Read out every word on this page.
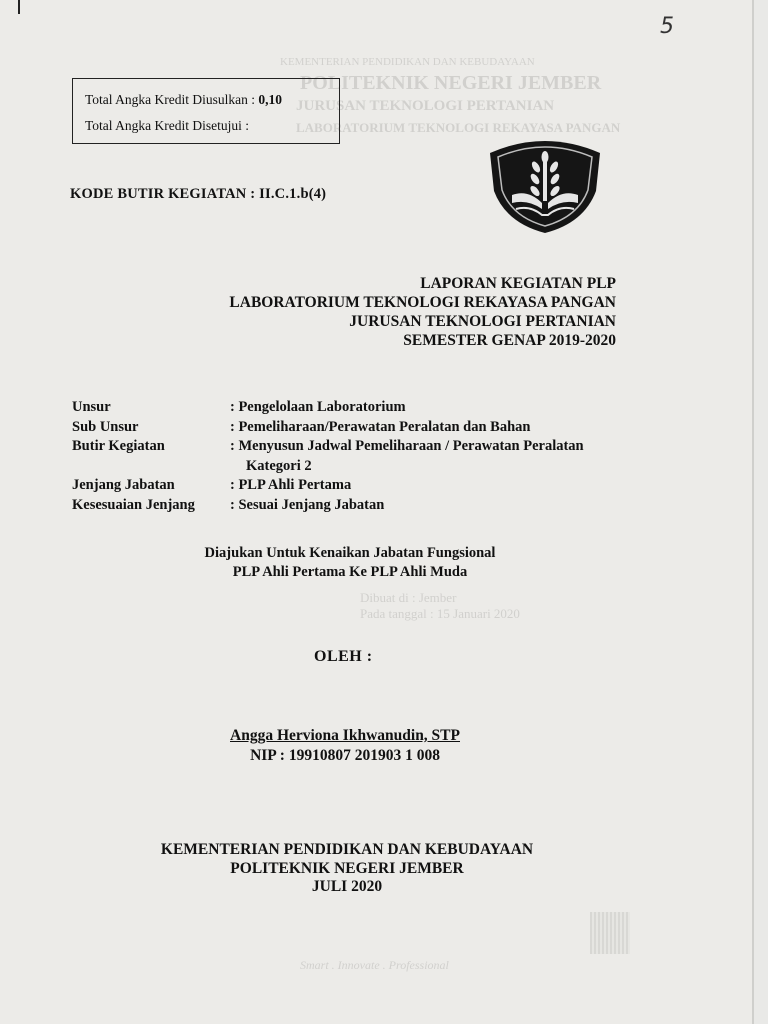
5
KEMENTERIAN PENDIDIKAN DAN KEBUDAYAAN
POLITEKNIK NEGERI JEMBER
JURUSAN TEKNOLOGI PERTANIAN
LABORATORIUM TEKNOLOGI REKAYASA PANGAN
Dibuat di : Jember
Pada tanggal : 15 Januari 2020
Smart . Innovate . Professional
Total Angka Kredit Diusulkan : 0,10
Total Angka Kredit Disetujui :
KODE BUTIR KEGIATAN : II.C.1.b(4)
LAPORAN KEGIATAN PLP
LABORATORIUM TEKNOLOGI REKAYASA PANGAN
JURUSAN TEKNOLOGI PERTANIAN
SEMESTER GENAP 2019-2020
Unsur	: Pengelolaan Laboratorium
Sub Unsur	: Pemeliharaan/Perawatan Peralatan dan Bahan
Butir Kegiatan	: Menyusun Jadwal Pemeliharaan / Perawatan Peralatan
Kategori 2
Jenjang Jabatan	: PLP Ahli Pertama
Kesesuaian Jenjang	: Sesuai Jenjang Jabatan
Diajukan Untuk Kenaikan Jabatan Fungsional
PLP Ahli Pertama Ke PLP Ahli Muda
OLEH :
Angga Herviona Ikhwanudin, STP
NIP : 19910807 201903 1 008
KEMENTERIAN PENDIDIKAN DAN KEBUDAYAAN
POLITEKNIK NEGERI JEMBER
JULI 2020
